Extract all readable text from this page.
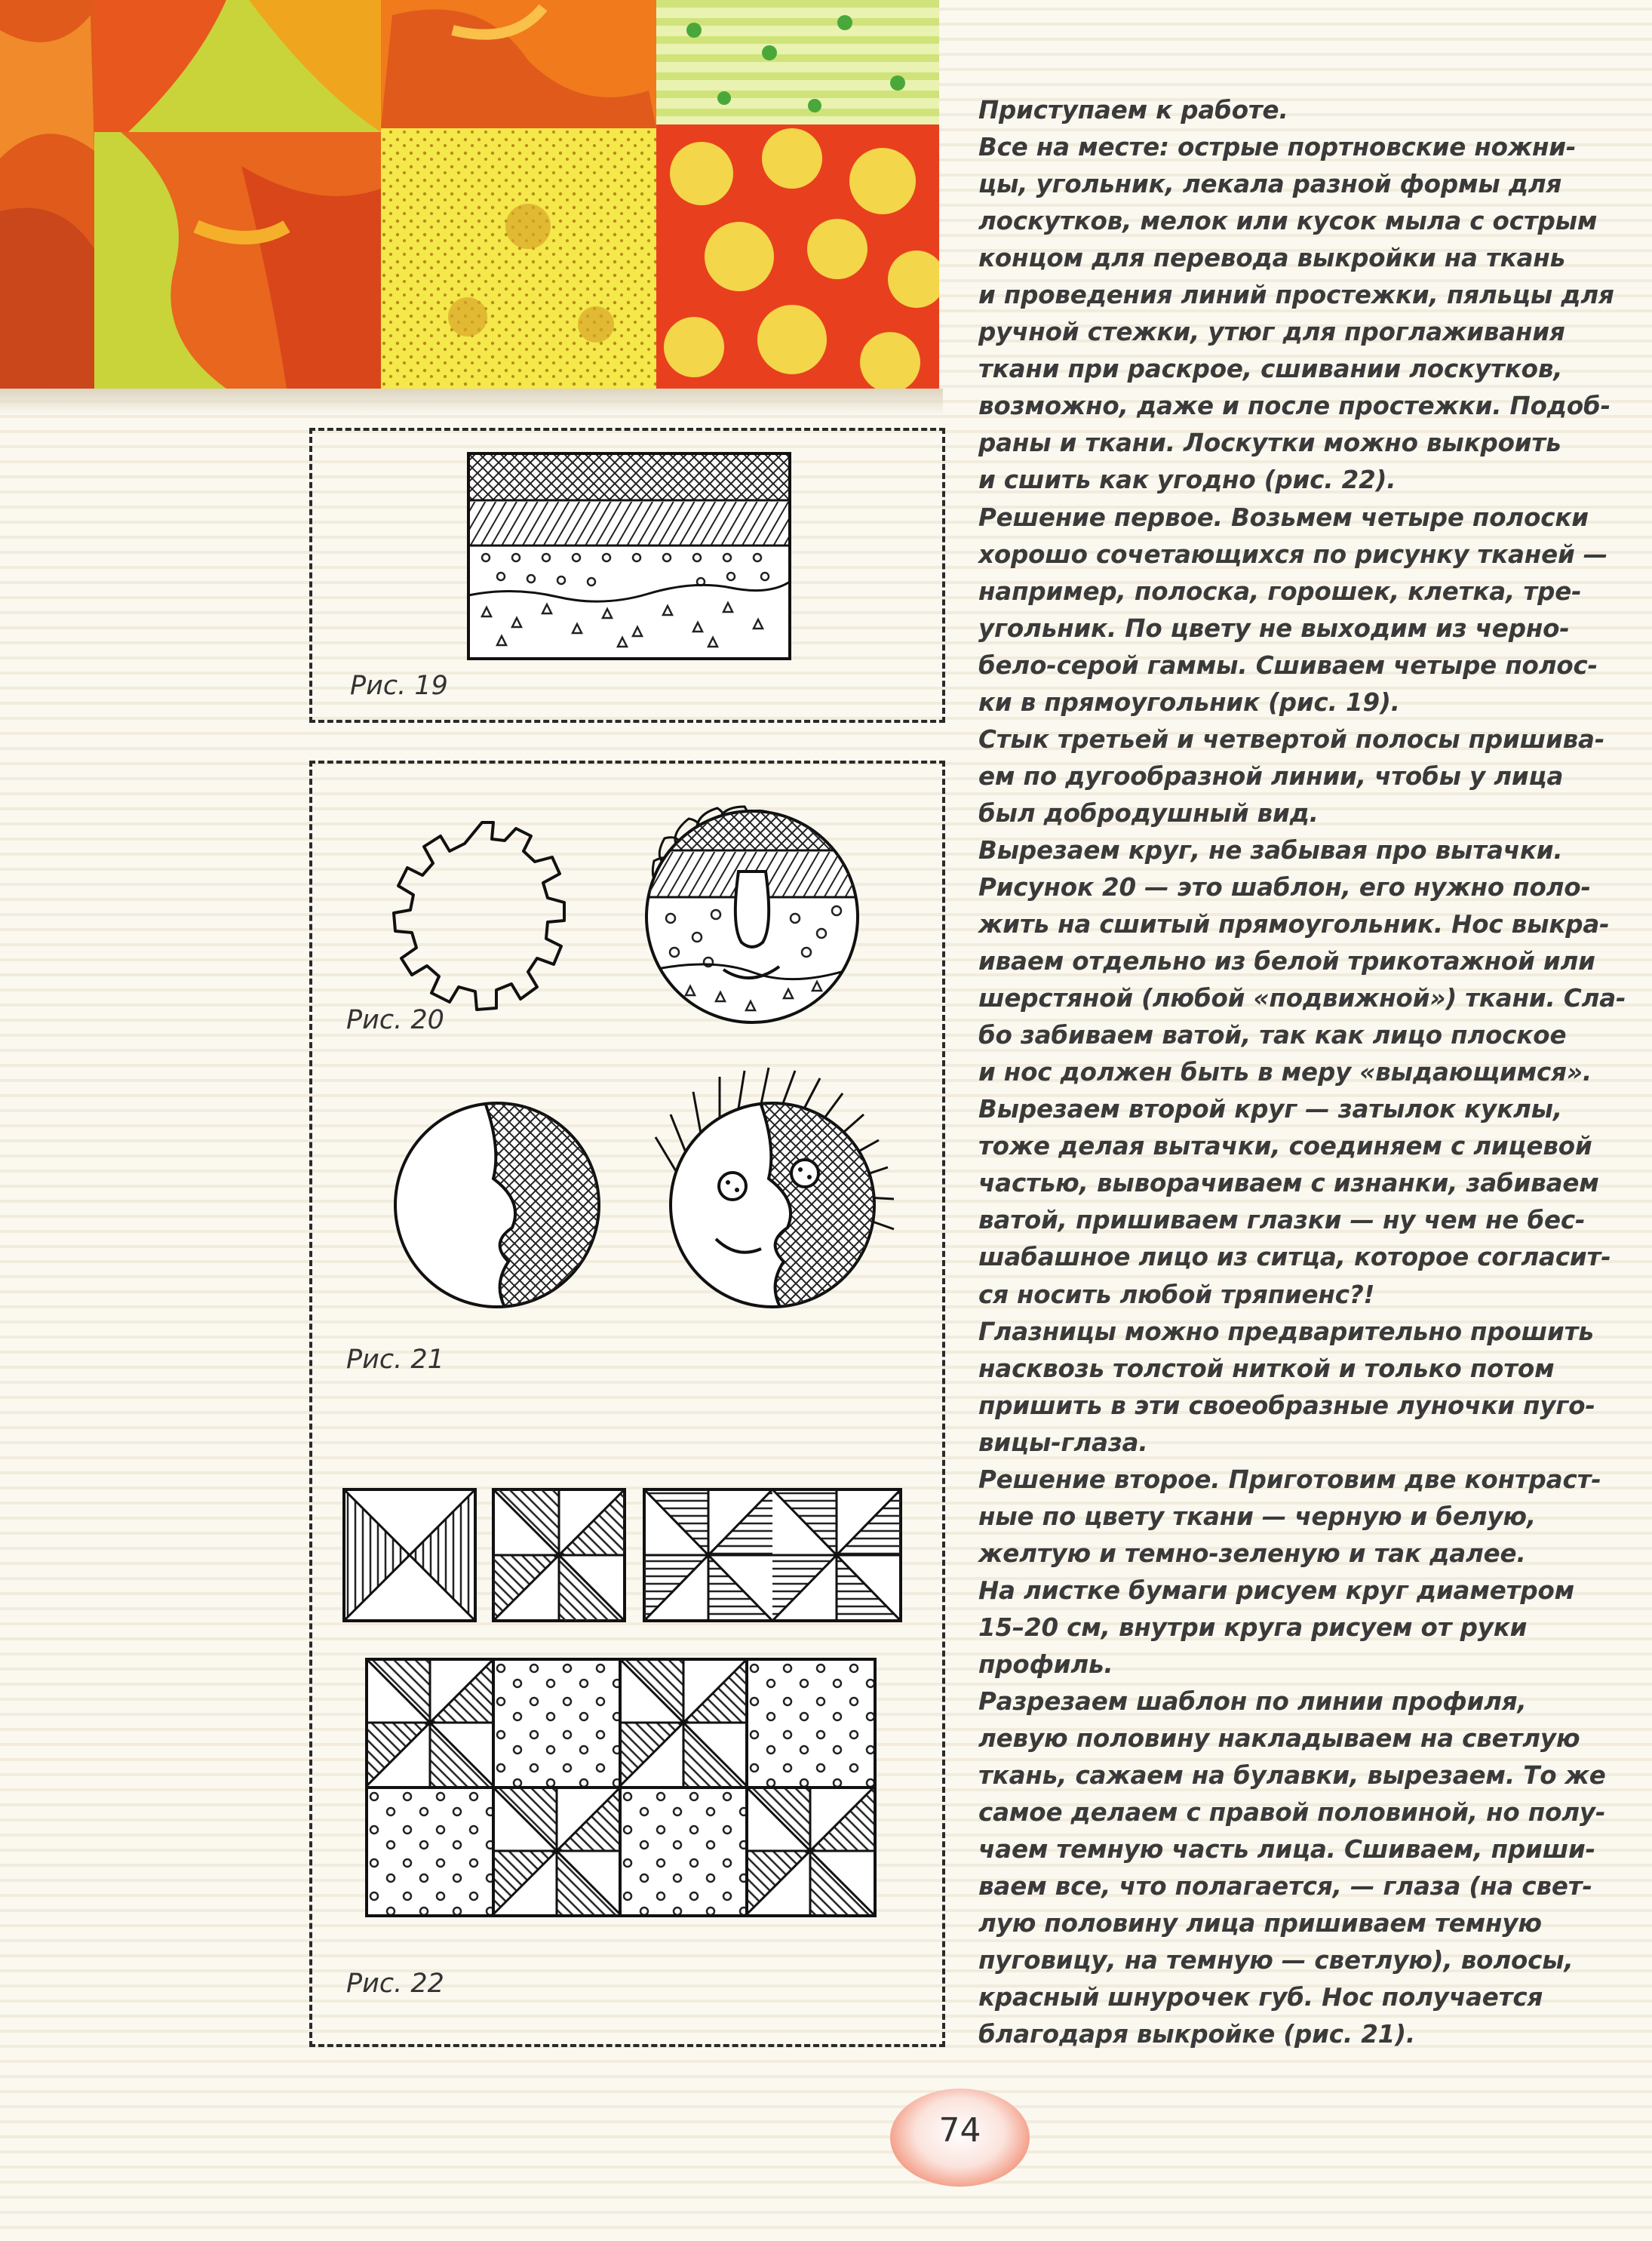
Рис. 19
Рис. 20
Рис. 21
Рис. 22

Приступаем к работе.

Все на месте: острые портновские ножни-

цы, угольник, лекала разной формы для

лоскутков, мелок или кусок мыла с острым

концом для перевода выкройки на ткань

и проведения линий простежки, пяльцы для

ручной стежки, утюг для проглаживания

ткани при раскрое, сшивании лоскутков,

возможно, даже и после простежки. Подоб-

раны и ткани. Лоскутки можно выкроить

и сшить как угодно (рис. 22).

Решение первое. Возьмем четыре полоски

хорошо сочетающихся по рисунку тканей —

например, полоска, горошек, клетка, тре-

угольник. По цвету не выходим из черно-

бело-серой гаммы. Сшиваем четыре полос-

ки в прямоугольник (рис. 19).

Стык третьей и четвертой полосы пришива-

ем по дугообразной линии, чтобы у лица

был добродушный вид.

Вырезаем круг, не забывая про вытачки.

Рисунок 20 — это шаблон, его нужно поло-

жить на сшитый прямоугольник. Нос выкра-

иваем отдельно из белой трикотажной или

шерстяной (любой «подвижной») ткани. Сла-

бо забиваем ватой, так как лицо плоское

и нос должен быть в меру «выдающимся».

Вырезаем второй круг — затылок куклы,

тоже делая вытачки, соединяем с лицевой

частью, выворачиваем с изнанки, забиваем

ватой, пришиваем глазки — ну чем не бес-

шабашное лицо из ситца, которое согласит-

ся носить любой тряпиенс?!

Глазницы можно предварительно прошить

насквозь толстой ниткой и только потом

пришить в эти своеобразные луночки пуго-

вицы-глаза.

Решение второе. Приготовим две контраст-

ные по цвету ткани — черную и белую,

желтую и темно-зеленую и так далее.

На листке бумаги рисуем круг диаметром

15–20 см, внутри круга рисуем от руки

профиль.

Разрезаем шаблон по линии профиля,

левую половину накладываем на светлую

ткань, сажаем на булавки, вырезаем. То же

самое делаем с правой половиной, но полу-

чаем темную часть лица. Сшиваем, приши-

ваем все, что полагается, — глаза (на свет-

лую половину лица пришиваем темную

пуговицу, на темную — светлую), волосы,

красный шнурочек губ. Нос получается

благодаря выкройке (рис. 21).

74
